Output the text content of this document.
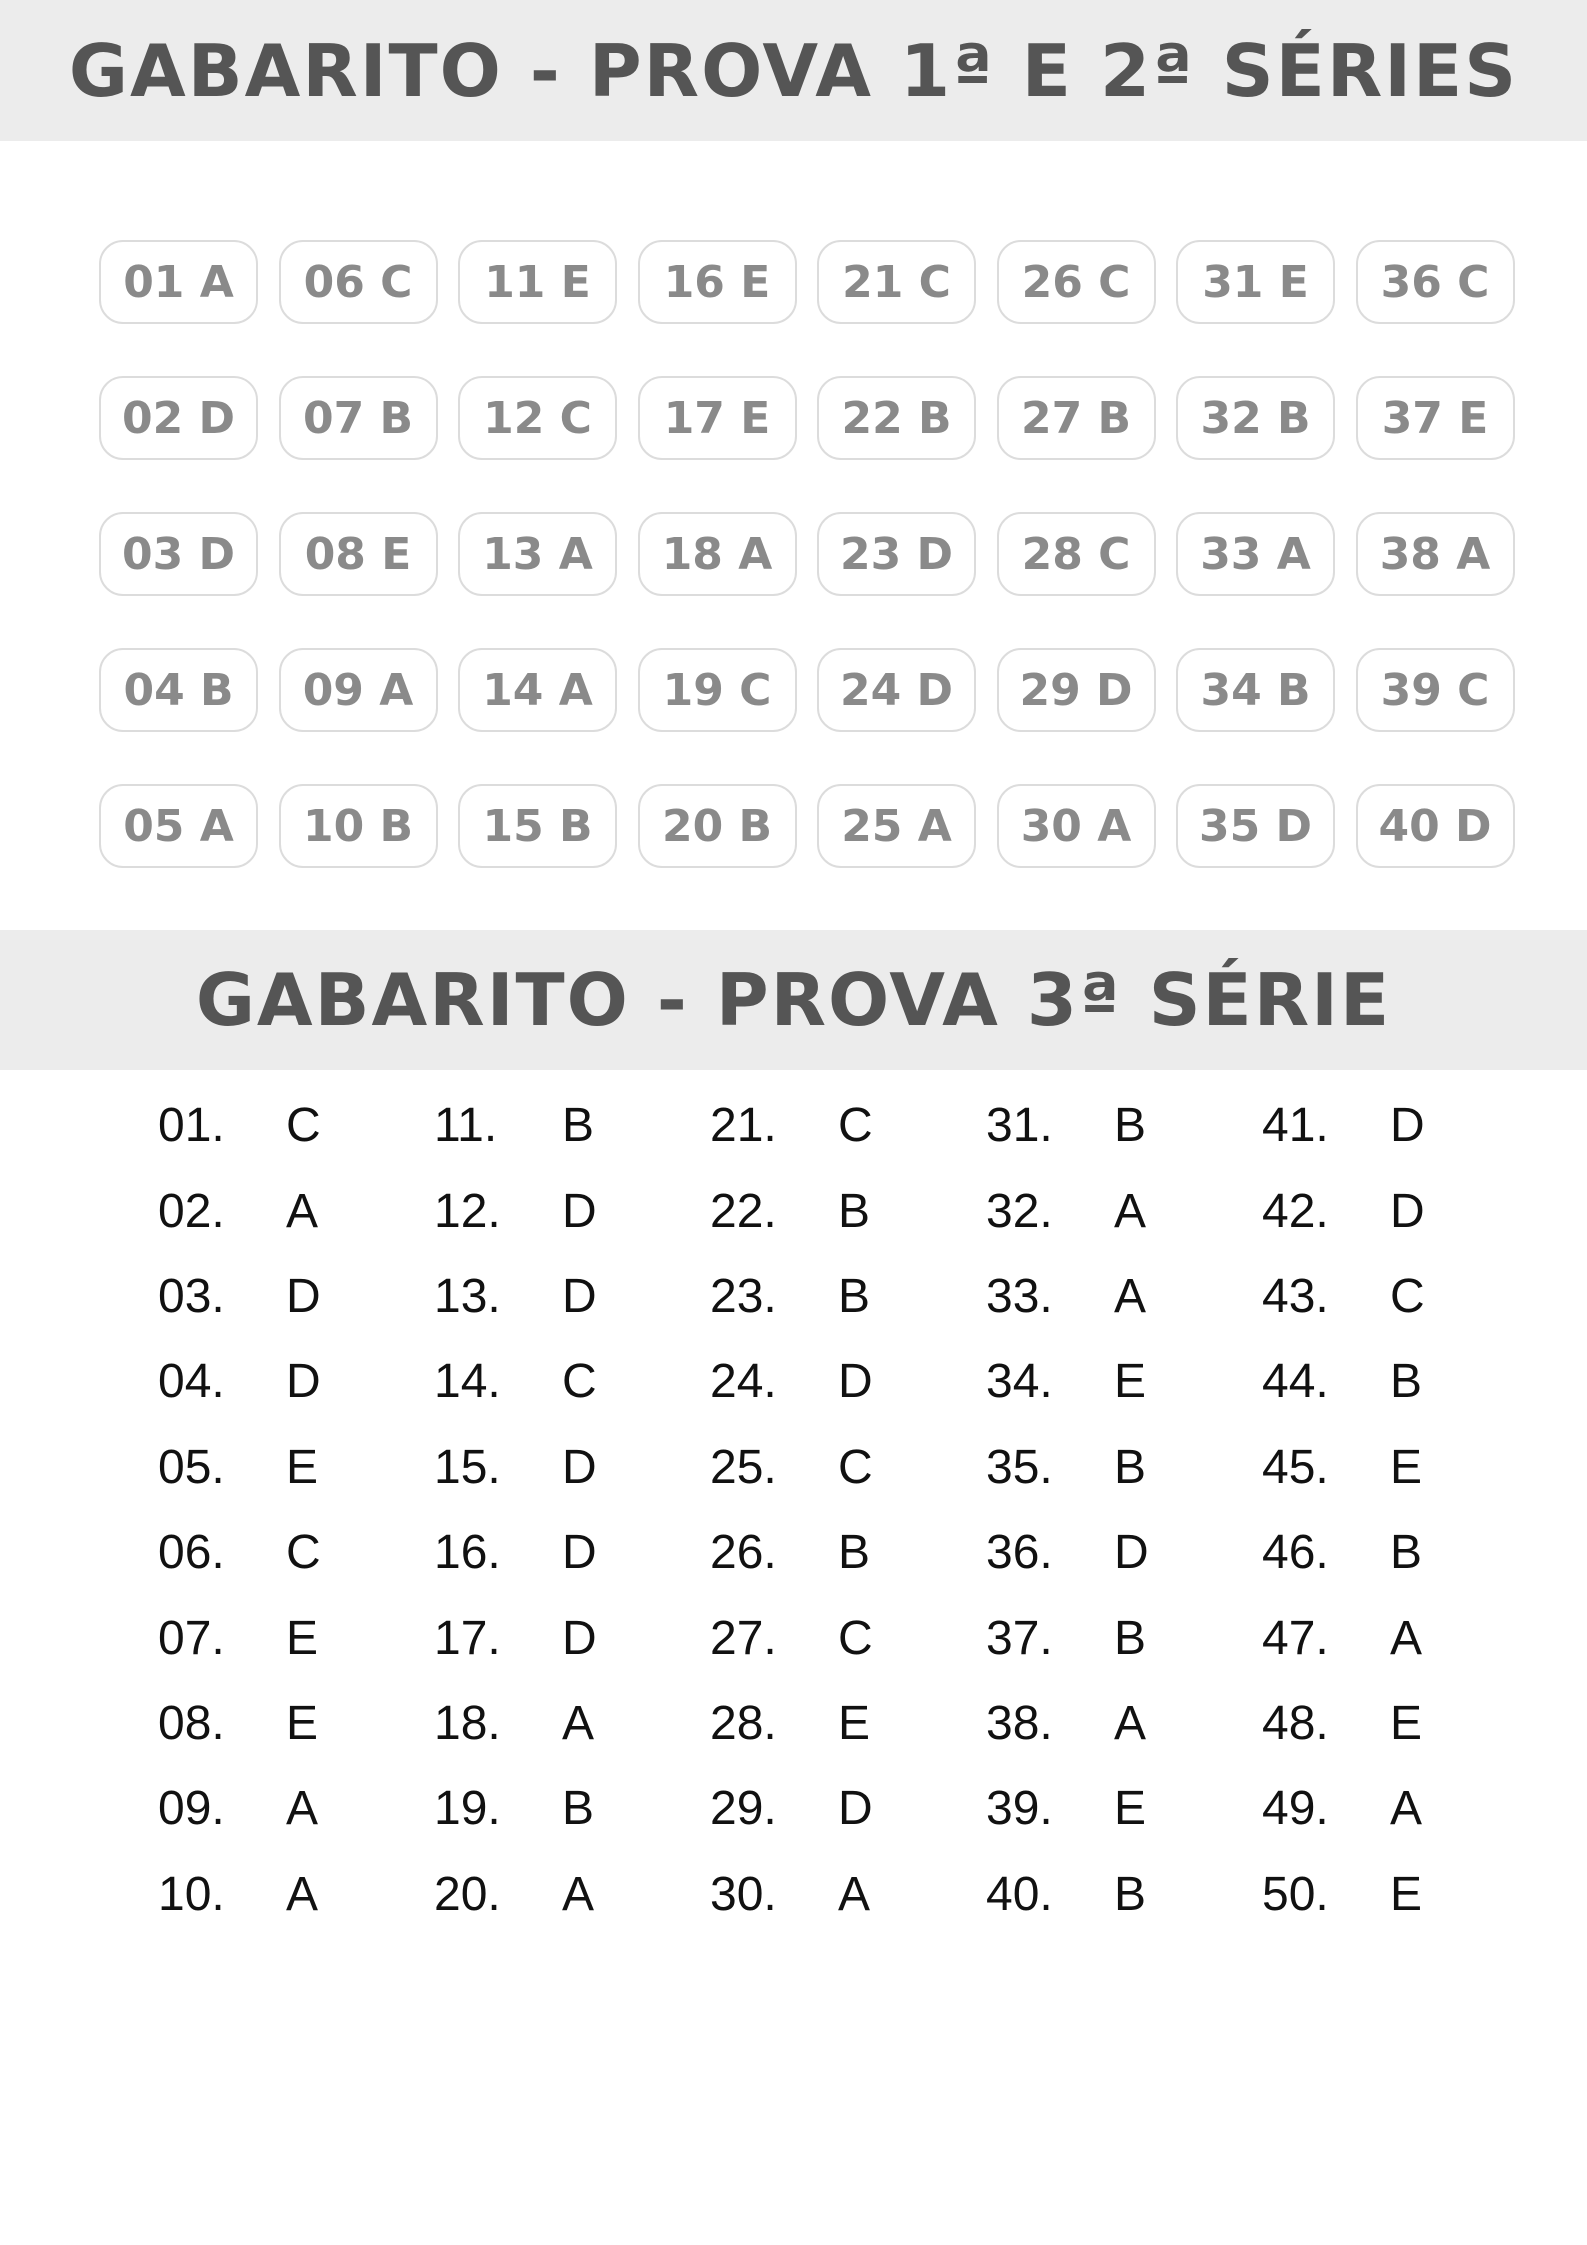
GABARITO - PROVA 1ª E 2ª SÉRIES
01 A	06 C	11 E	16 E	21 C	26 C	31 E	36 C
02 D	07 B	12 C	17 E	22 B	27 B	32 B	37 E
03 D	08 E	13 A	18 A	23 D	28 C	33 A	38 A
04 B	09 A	14 A	19 C	24 D	29 D	34 B	39 C
05 A	10 B	15 B	20 B	25 A	30 A	35 D	40 D
GABARITO - PROVA 3ª SÉRIE
01.	C 11.	B 21.	C 31.	B 41.	D
02.	A 12.	D 22.	B 32.	A 42.	D
03.	D 13.	D 23.	B 33.	A 43.	C
04.	D 14.	C 24.	D 34.	E 44.	B
05.	E 15.	D 25.	C 35.	B 45.	E
06.	C 16.	D 26.	B 36.	D 46.	B
07.	E 17.	D 27.	C 37.	B 47.	A
08.	E 18.	A 28.	E 38.	A 48.	E
09.	A 19.	B 29.	D 39.	E 49.	A
10.	A 20.	A 30.	A 40.	B 50.	E
